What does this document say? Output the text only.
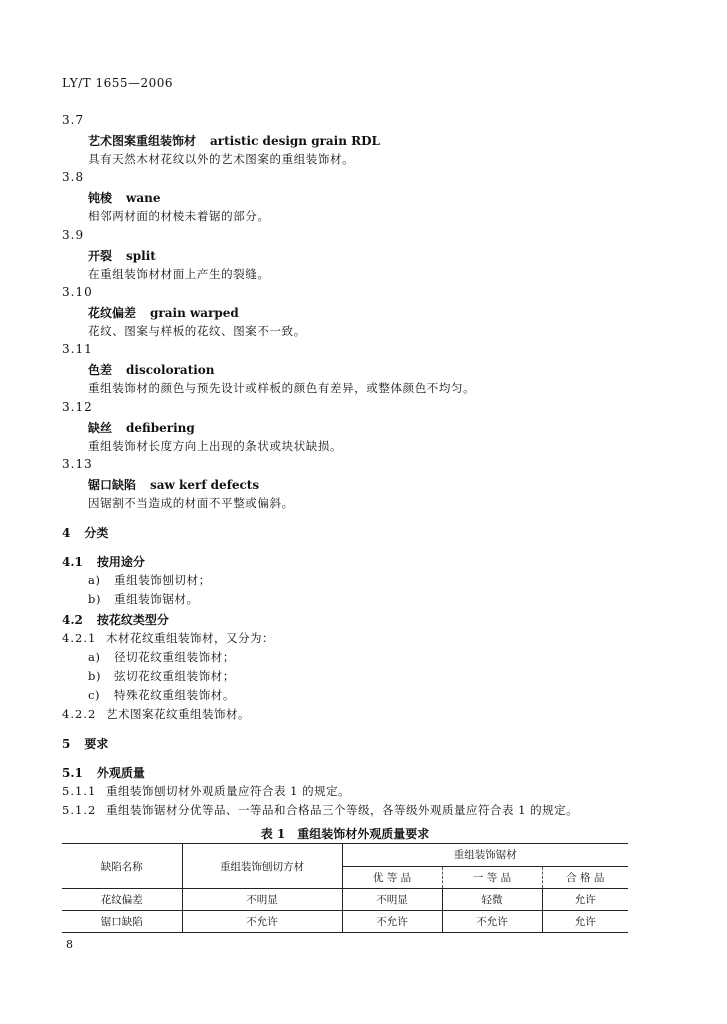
LY/T 1655—2006
3.7
艺术图案重组装饰材 artistic design grain RDL
具有天然木材花纹以外的艺术图案的重组装饰材。
3.8
钝棱 wane
相邻两材面的材棱未着锯的部分。
3.9
开裂 split
在重组装饰材材面上产生的裂缝。
3.10
花纹偏差 grain warped
花纹、图案与样板的花纹、图案不一致。
3.11
色差 discoloration
重组装饰材的颜色与预先设计或样板的颜色有差异，或整体颜色不均匀。
3.12
缺丝 defibering
重组装饰材长度方向上出现的条状或块状缺损。
3.13
锯口缺陷 saw kerf defects
因锯割不当造成的材面不平整或偏斜。
4 分类
4.1 按用途分
a) 重组装饰刨切材；
b) 重组装饰锯材。
4.2 按花纹类型分
4.2.1 木材花纹重组装饰材，又分为：
a) 径切花纹重组装饰材；
b) 弦切花纹重组装饰材；
c) 特殊花纹重组装饰材。
4.2.2 艺术图案花纹重组装饰材。
5 要求
5.1 外观质量
5.1.1 重组装饰刨切材外观质量应符合表 1 的规定。
5.1.2 重组装饰锯材分优等品、一等品和合格品三个等级，各等级外观质量应符合表 1 的规定。
表 1 重组装饰材外观质量要求
缺陷名称	重组装饰刨切方材	重组装饰锯材		
		优 等 品	一 等 品	合 格 品
花纹偏差	不明显	不明显	轻微	允许
锯口缺陷	不允许	不允许	不允许	允许
8
